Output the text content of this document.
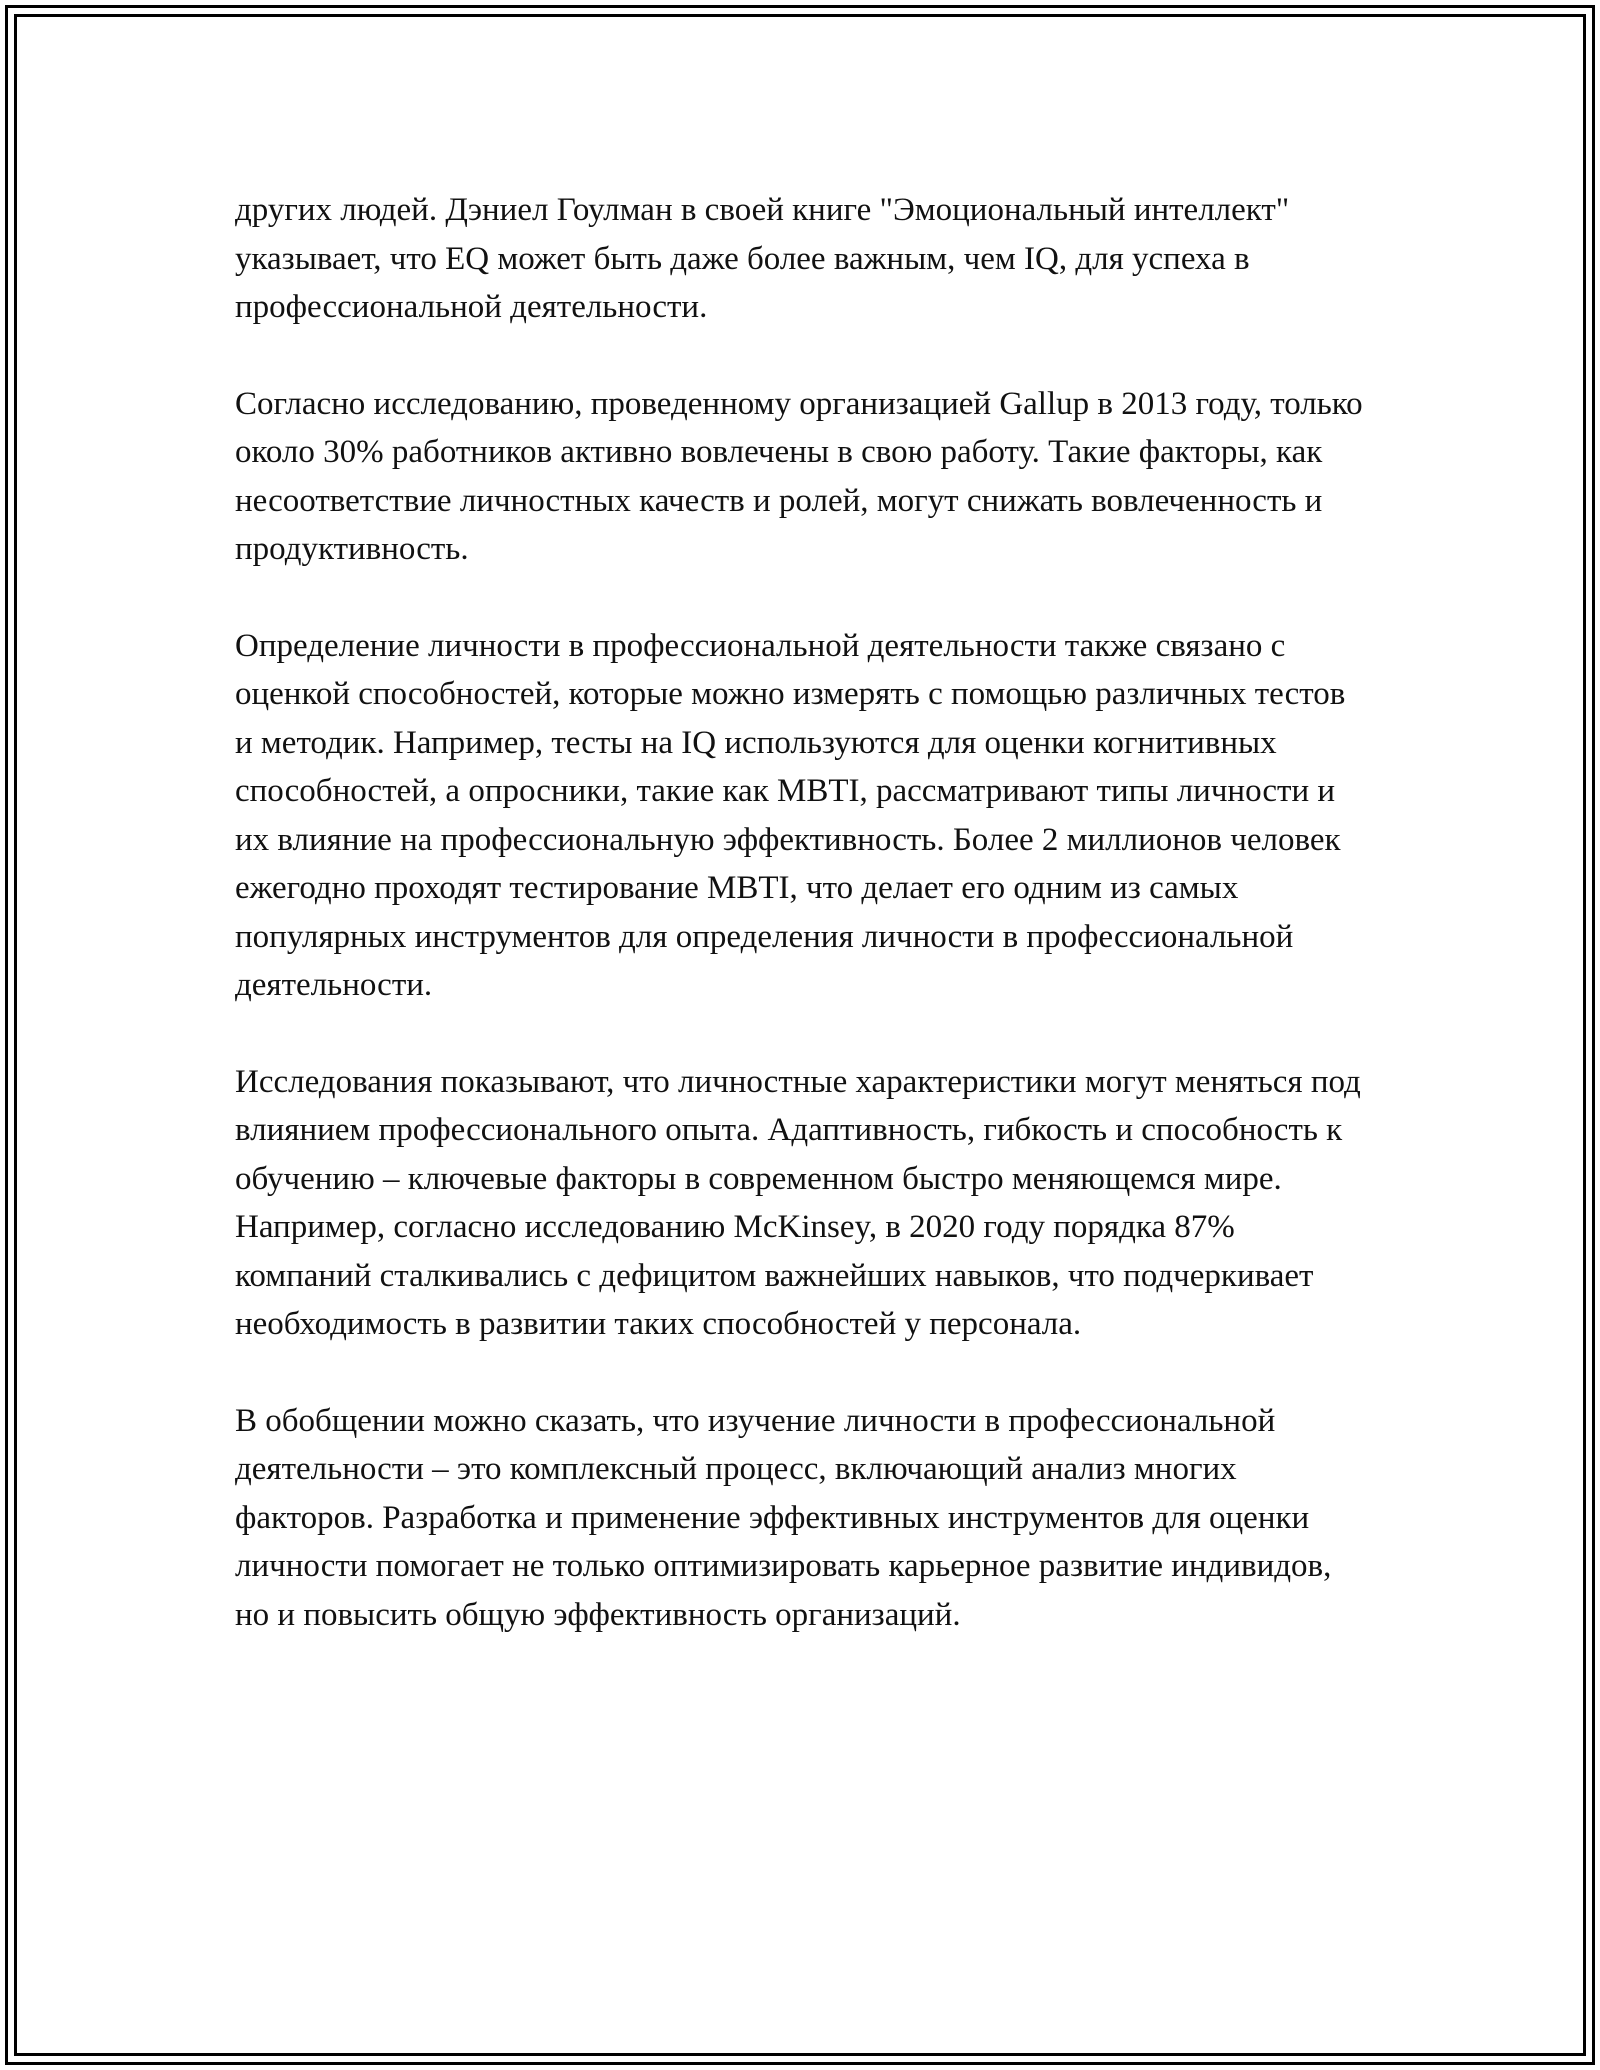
других людей. Дэниел Гоулман в своей книге "Эмоциональный интеллект" указывает, что EQ может быть даже более важным, чем IQ, для успеха в профессиональной деятельности.

Согласно исследованию, проведенному организацией Gallup в 2013 году, только около 30% работников активно вовлечены в свою работу. Такие факторы, как несоответствие личностных качеств и ролей, могут снижать вовлеченность и продуктивность.

Определение личности в профессиональной деятельности также связано с оценкой способностей, которые можно измерять с помощью различных тестов и методик. Например, тесты на IQ используются для оценки когнитивных способностей, а опросники, такие как MBTI, рассматривают типы личности и их влияние на профессиональную эффективность. Более 2 миллионов человек ежегодно проходят тестирование MBTI, что делает его одним из самых популярных инструментов для определения личности в профессиональной деятельности.

Исследования показывают, что личностные характеристики могут меняться под влиянием профессионального опыта. Адаптивность, гибкость и способность к обучению – ключевые факторы в современном быстро меняющемся мире. Например, согласно исследованию McKinsey, в 2020 году порядка 87% компаний сталкивались с дефицитом важнейших навыков, что подчеркивает необходимость в развитии таких способностей у персонала.

В обобщении можно сказать, что изучение личности в профессиональной деятельности – это комплексный процесс, включающий анализ многих факторов. Разработка и применение эффективных инструментов для оценки личности помогает не только оптимизировать карьерное развитие индивидов, но и повысить общую эффективность организаций.
